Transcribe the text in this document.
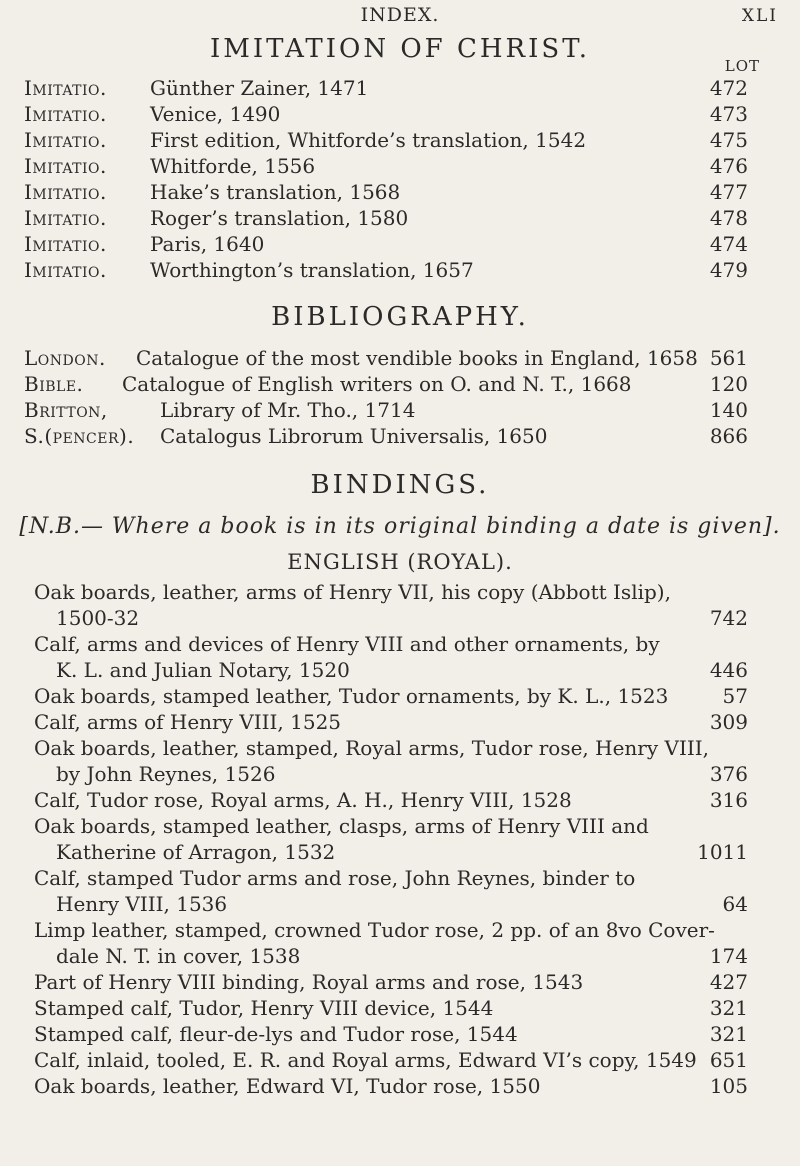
INDEX.	XLI
IMITATION OF CHRIST.
LOT
Imitatio. Günther Zainer, 1471	472
Imitatio. Venice, 1490	473
Imitatio. First edition, Whitforde’s translation, 1542	475
Imitatio. Whitforde, 1556	476
Imitatio. Hake’s translation, 1568	477
Imitatio. Roger’s translation, 1580	478
Imitatio. Paris, 1640	474
Imitatio. Worthington’s translation, 1657	479
BIBLIOGRAPHY.
London. Catalogue of the most vendible books in England, 1658 561
Bible. Catalogue of English writers on O. and N. T., 1668	120
Britton,	Library of Mr. Tho., 1714	140
S.(pencer). Catalogus Librorum Universalis, 1650	866
BINDINGS.
[N.B.— Where a book is in its original binding a date is given].
ENGLISH (ROYAL).
Oak boards, leather, arms of Henry VII, his copy (Abbott Islip),
1500-32	742
Calf, arms and devices of Henry VIII and other ornaments, by
K. L. and Julian Notary, 1520	446
Oak boards, stamped leather, Tudor ornaments, by K. L., 1523	57
Calf, arms of Henry VIII, 1525	309
Oak boards, leather, stamped, Royal arms, Tudor rose, Henry VIII,
by John Reynes, 1526	376
Calf, Tudor rose, Royal arms, A. H., Henry VIII, 1528	316
Oak boards, stamped leather, clasps, arms of Henry VIII and
Katherine of Arragon, 1532	1011
Calf, stamped Tudor arms and rose, John Reynes, binder to
Henry VIII, 1536	64
Limp leather, stamped, crowned Tudor rose, 2 pp. of an 8vo Cover-
dale N. T. in cover, 1538	174
Part of Henry VIII binding, Royal arms and rose, 1543	427
Stamped calf, Tudor, Henry VIII device, 1544	321
Stamped calf, fleur-de-lys and Tudor rose, 1544	321
Calf, inlaid, tooled, E. R. and Royal arms, Edward VI’s copy, 1549 651
Oak boards, leather, Edward VI, Tudor rose, 1550	105
